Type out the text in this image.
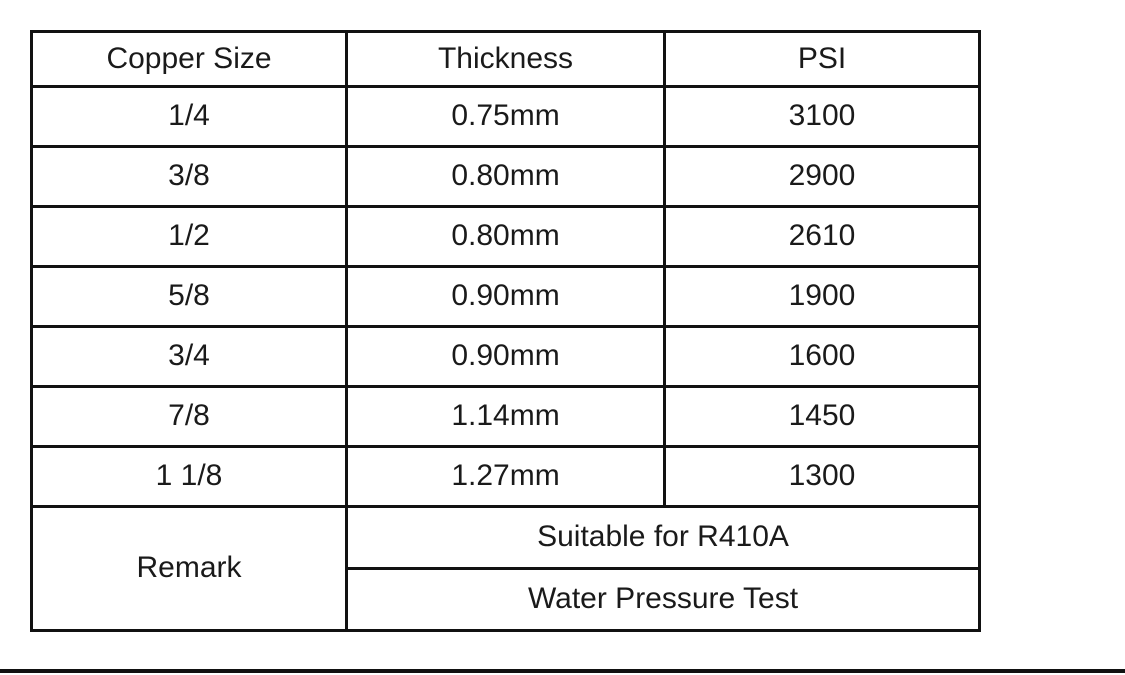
Copper Size	Thickness	PSI
1/4	0.75mm	3100
3/8	0.80mm	2900
1/2	0.80mm	2610
5/8	0.90mm	1900
3/4	0.90mm	1600
7/8	1.14mm	1450
1 1/8	1.27mm	1300
Remark	Suitable for R410A	
	Water Pressure Test	
